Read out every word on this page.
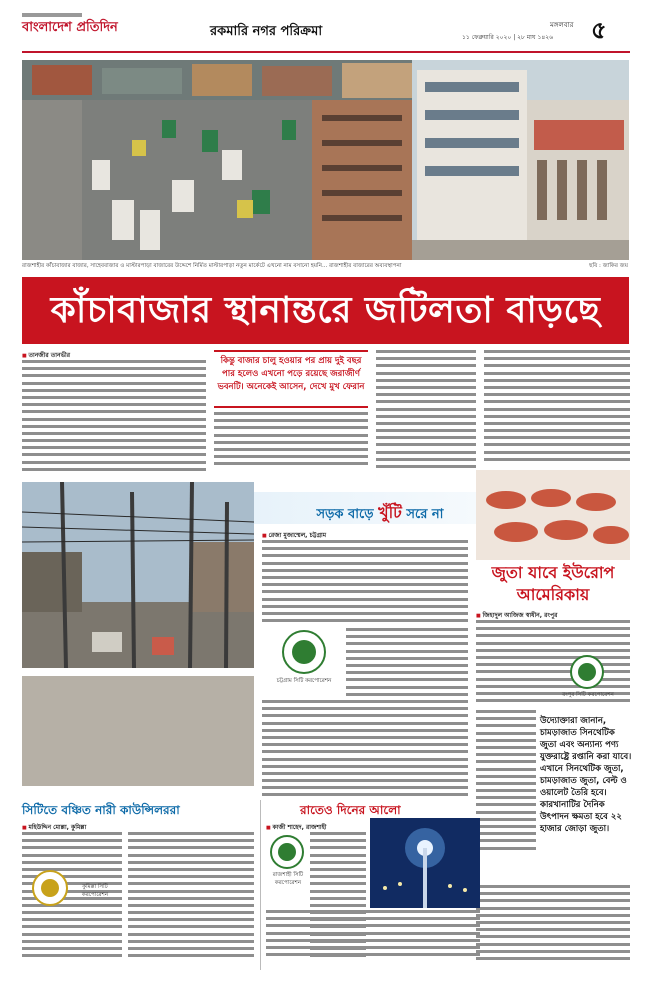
বাংলাদেশ প্রতিদিন	রকমারি নগর পরিক্রমা	মঙ্গলবার
১১ ফেব্রুয়ারি ২০২০ | ২৮ মাঘ ১৪২৬ ৫
রাজশাহীর কাঁচাবাজার বাজার, সাহেববাজার ও মাস্টারপাড়া বাজারের উদ্দেশে নির্মিত মাস্টারপাড়া নতুন মার্কেটে এখনো নাম বসানো হয়নি... রাজশাহীর বাজারের অব্যবস্থাপনা	ছবি : জাকির জয়
কাঁচাবাজার স্থানান্তরে জটিলতা বাড়ছে
■ তানজীর তানভীর
কিন্তু বাজার চালু হওয়ার পর প্রায় দুই বছর পার হলেও এখনো পড়ে রয়েছে জরাজীর্ণ ভবনটি। অনেকেই আসেন, দেখে মুখ ফেরান
সড়ক বাড়ে খুঁটি সরে না
■ রেজা মুজাম্মেল, চট্টগ্রাম
চট্টগ্রাম সিটি করপোরেশন
জুতা যাবে ইউরোপ আমেরিকায়
■ জিহাদুল আজিজ স্বাধীন, রংপুর
রংপুর সিটি করপোরেশন
উদ্যোক্তারা জানান, চামড়াজাত সিনথেটিক জুতা এবং অন্যান্য পণ্য যুক্তরাষ্ট্রে রপ্তানি করা যাবে। এখানে সিনথেটিক জুতা, চামড়াজাত জুতা, বেল্ট ও ওয়ালেট তৈরি হবে। কারখানাটির দৈনিক উৎপাদন ক্ষমতা হবে ২২ হাজার জোড়া জুতা।
সিটিতে বঞ্চিত নারী কাউন্সিলররা
■ মহিউদ্দিন মোল্লা, কুমিল্লা
কুমিল্লা সিটি করপোরেশন
রাতেও দিনের আলো
■ কাজী শাহেদ, রাজশাহী
রাজশাহী সিটি করপোরেশন
